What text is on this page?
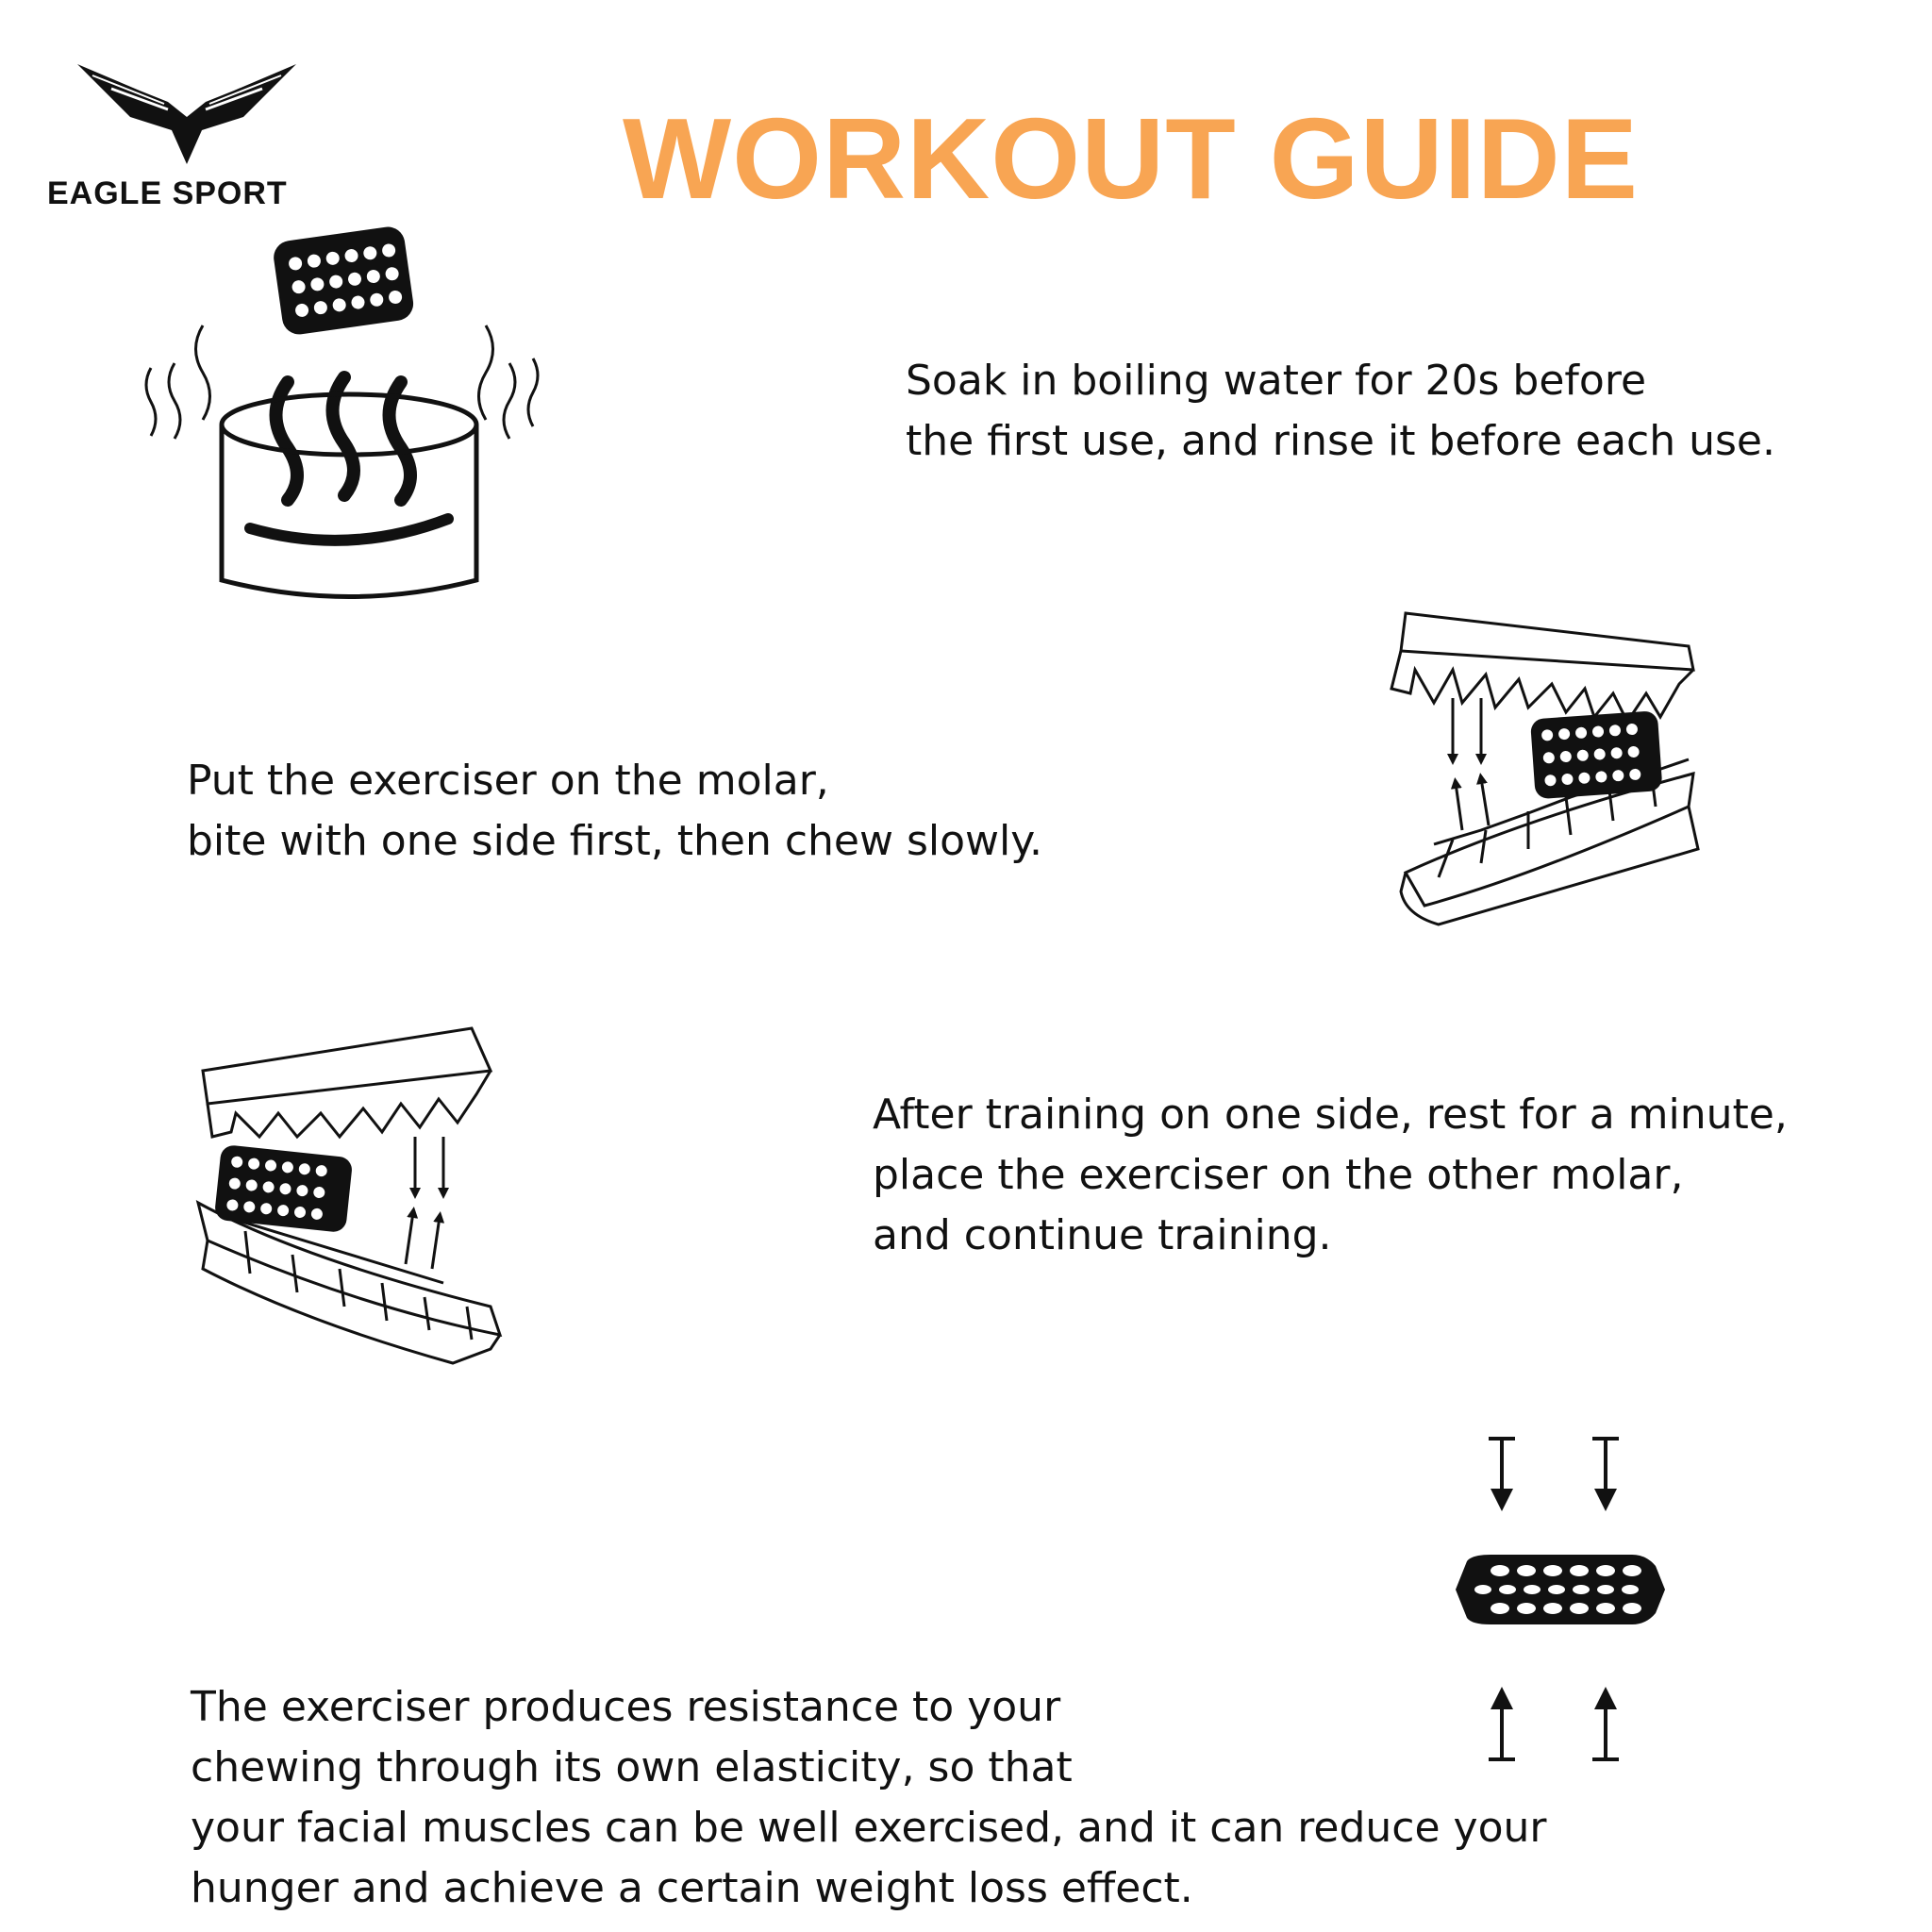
EAGLE SPORT	WORKOUT GUIDE
Soak in boiling water for 20s before
the first use, and rinse it before each use.
Put the exerciser on the molar,
bite with one side first, then chew slowly.
After training on one side, rest for a minute,
place the exerciser on the other molar,
and continue training.
The exerciser produces resistance to your
chewing through its own elasticity, so that
your facial muscles can be well exercised, and it can reduce your
hunger and achieve a certain weight loss effect.
